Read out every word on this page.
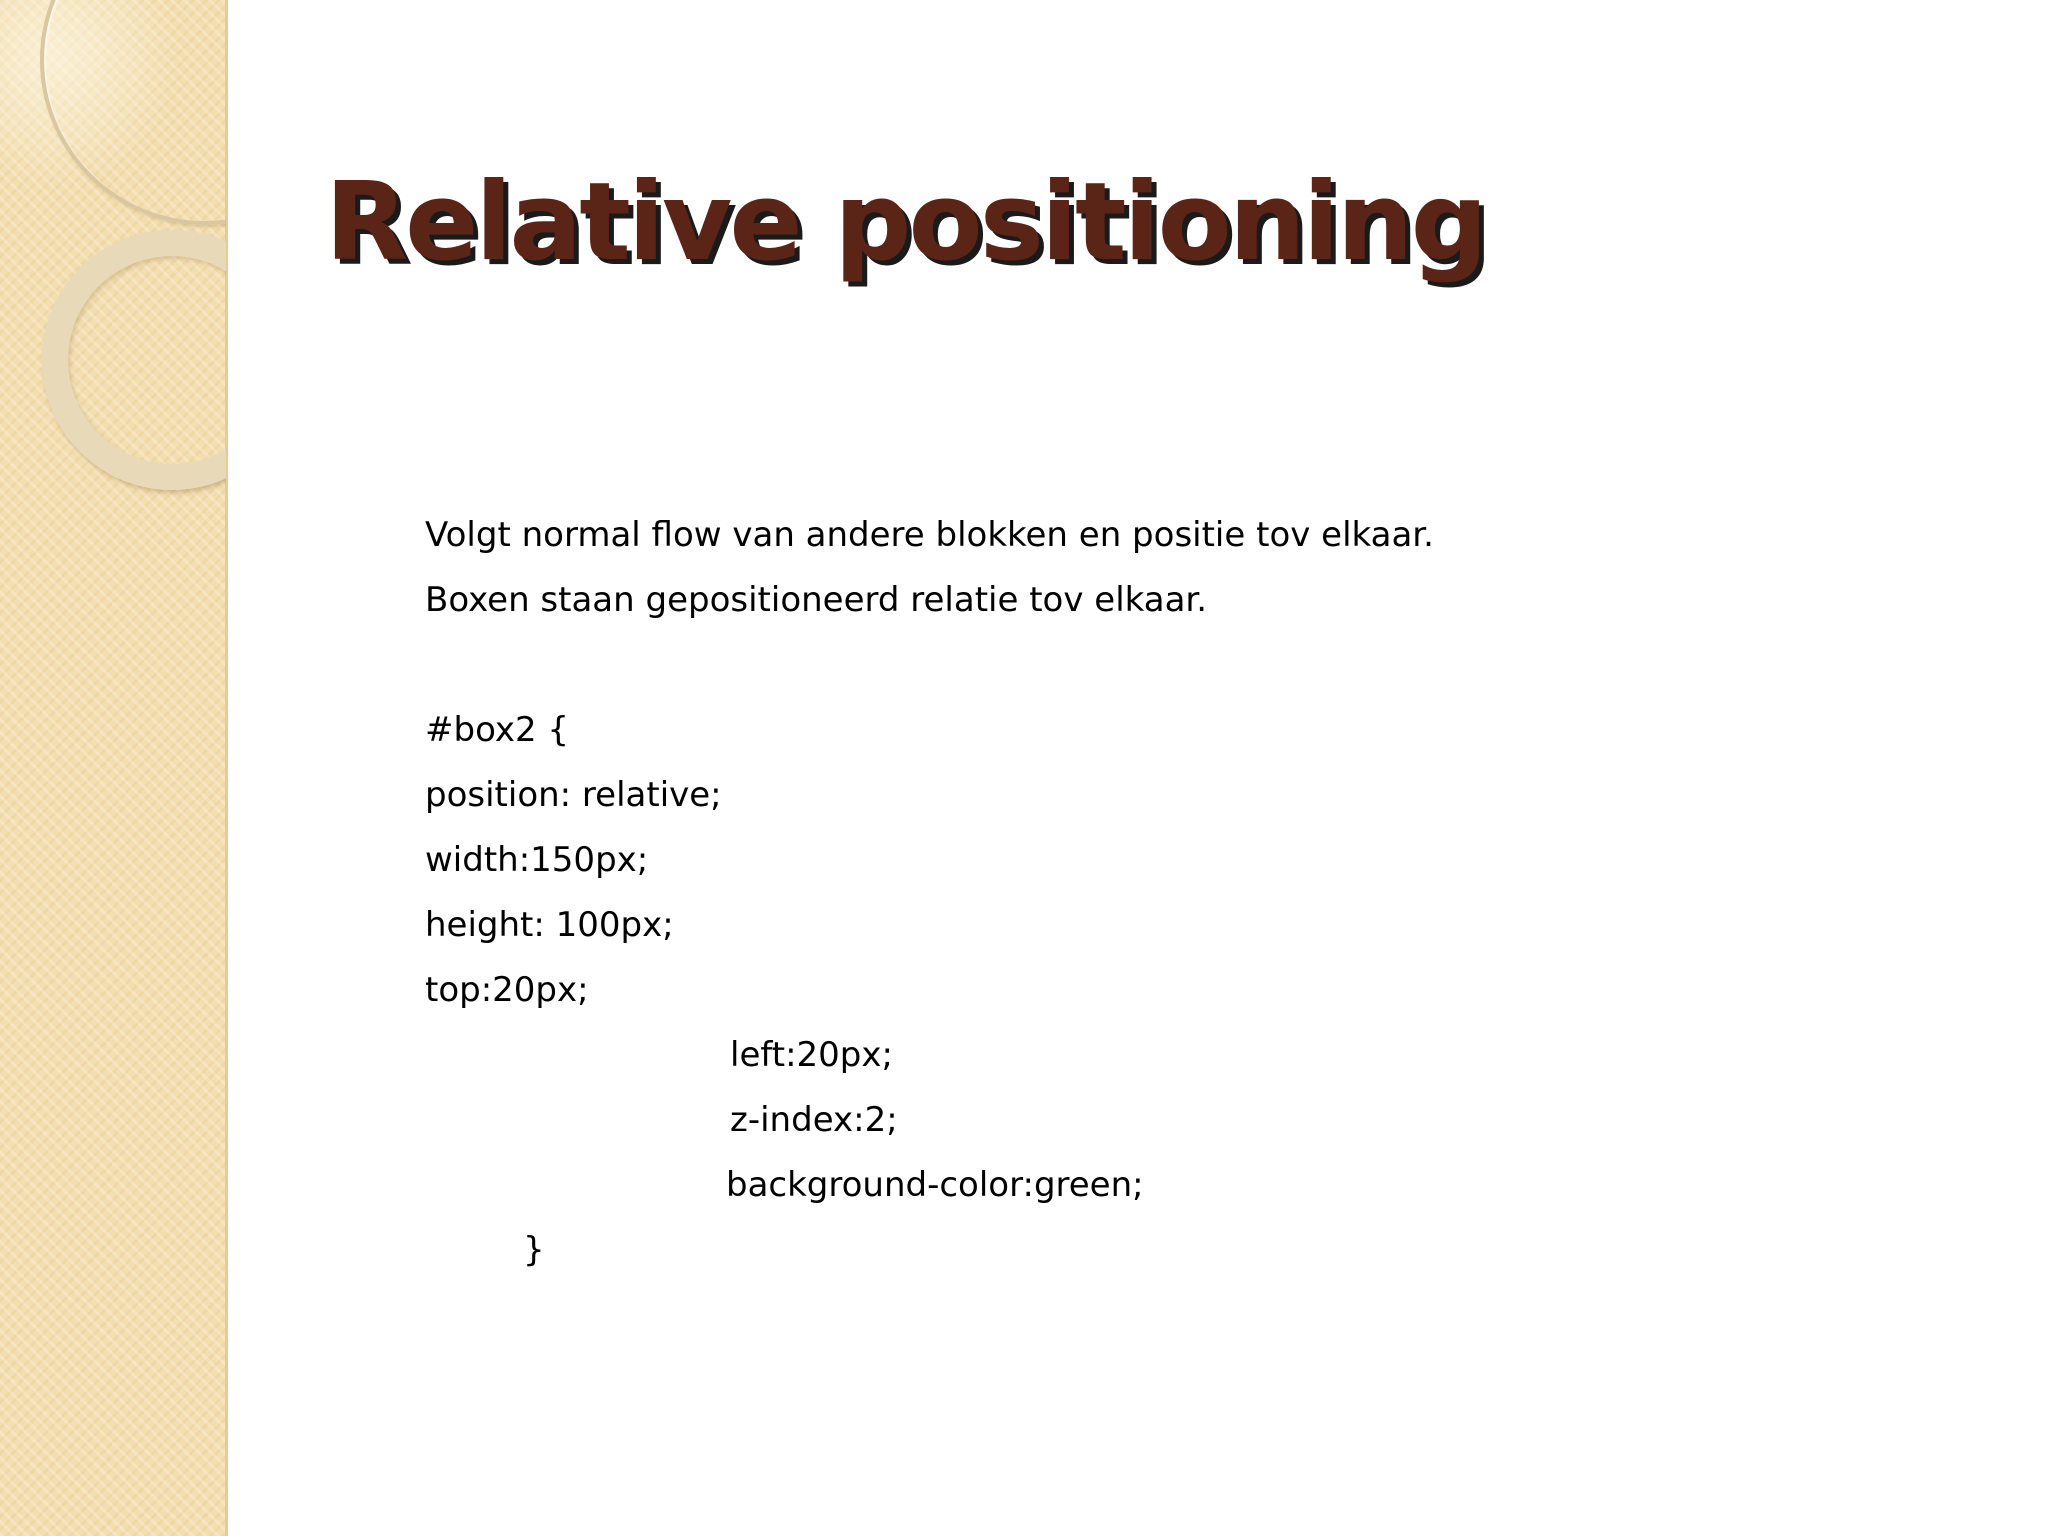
Relative positioning
Volgt normal flow van andere blokken en positie tov elkaar.
Boxen staan gepositioneerd relatie tov elkaar.
#box2 {
position: relative;
width:150px;
height: 100px;
top:20px;
left:20px;
z-index:2;
background-color:green;
}
